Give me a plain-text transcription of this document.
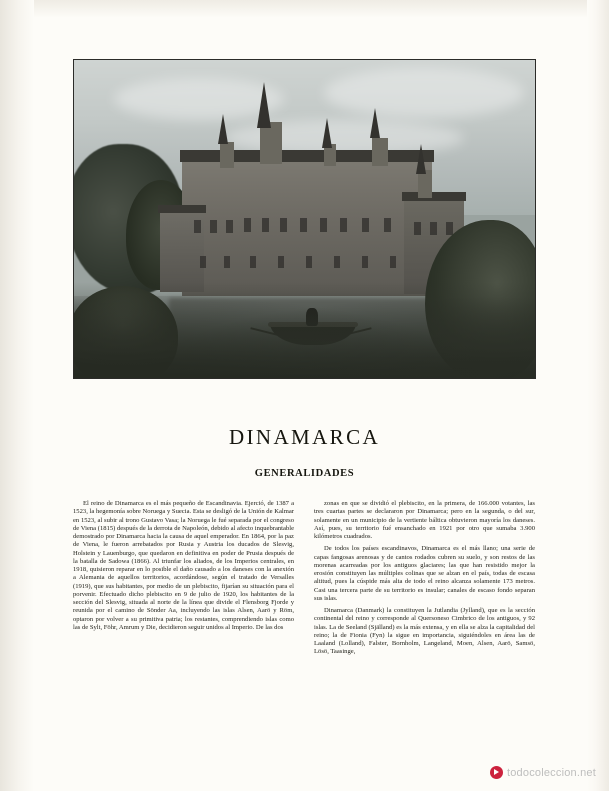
DINAMARCA
GENERALIDADES

El reino de Dinamarca es el más pequeño de Escandinavia. Ejerció, de 1387 a 1523, la hegemonía sobre Noruega y Suecia. Esta se desligó de la Unión de Kalmar en 1523, al subir al trono Gustavo Vasa; la Noruega le fué separada por el congreso de Viena (1815) después de la derrota de Napoleón, debido al afecto inquebrantable demostrado por Dinamarca hacia la causa de aquel emperador. En 1864, por la paz de Viena, le fueron arrebatados por Rusia y Austria los ducados de Slesvig, Holstein y Lauenburgo, que quedaron en definitiva en poder de Prusia después de la batalla de Sadowa (1866). Al triunfar los aliados, de los Imperios centrales, en 1918, quisieron reparar en lo posible el daño causado a los daneses con la anexión a Alemania de aquellos territorios, acordándose, según el tratado de Versalles (1919), que sus habitantes, por medio de un plebiscito, fijarían su situación para el porvenir. Efectuado dicho plebiscito en 9 de julio de 1920, los habitantes de la sección del Slesvig, situada al norte de la línea que divide el Flensborg Fjorde y reunida por el camino de Sönder Aa, incluyendo las islas Alsen, Aarö y Röm, optaron por volver a su primitiva patria; los restantes, comprendiendo islas como las de Sylt, Föhr, Amrum y Die, decidieron seguir unidos al Imperio. De las dos

zonas en que se dividió el plebiscito, en la primera, de 166.000 votantes, las tres cuartas partes se declararon por Dinamarca; pero en la segunda, o del sur, solamente en un municipio de la vertiente báltica obtuvieron mayoría los daneses. Así, pues, su territorio fué ensanchado en 1921 por otro que sumaba 3.900 kilómetros cuadrados.

De todos los países escandinavos, Dinamarca es el más llano; una serie de capas fangosas arenosas y de cantos rodados cubren su suelo, y son restos de las morenas acarreadas por los antiguos glaciares; las que han resistido mejor la erosión constituyen las múltiples colinas que se alzan en el país, todas de escasa altitud, pues la cúspide más alta de todo el reino alcanza solamente 173 metros. Casi una tercera parte de su territorio es insular; canales de escaso fondo separan sus islas.

Dinamarca (Danmark) la constituyen la Jutlandia (Jylland), que es la sección continental del reino y corresponde al Quersoneso Cimbrico de los antiguos, y 92 islas. La de Seeland (Själland) es la más extensa, y en ella se alza la capitalidad del reino; la de Fionia (Fyn) la sigue en importancia, siguiéndoles en área las de Laaland (Lolland), Falster, Bornholm, Langeland, Moen, Alsen, Aarö, Samsö, Lösö, Taasinge,

todocoleccion.net
